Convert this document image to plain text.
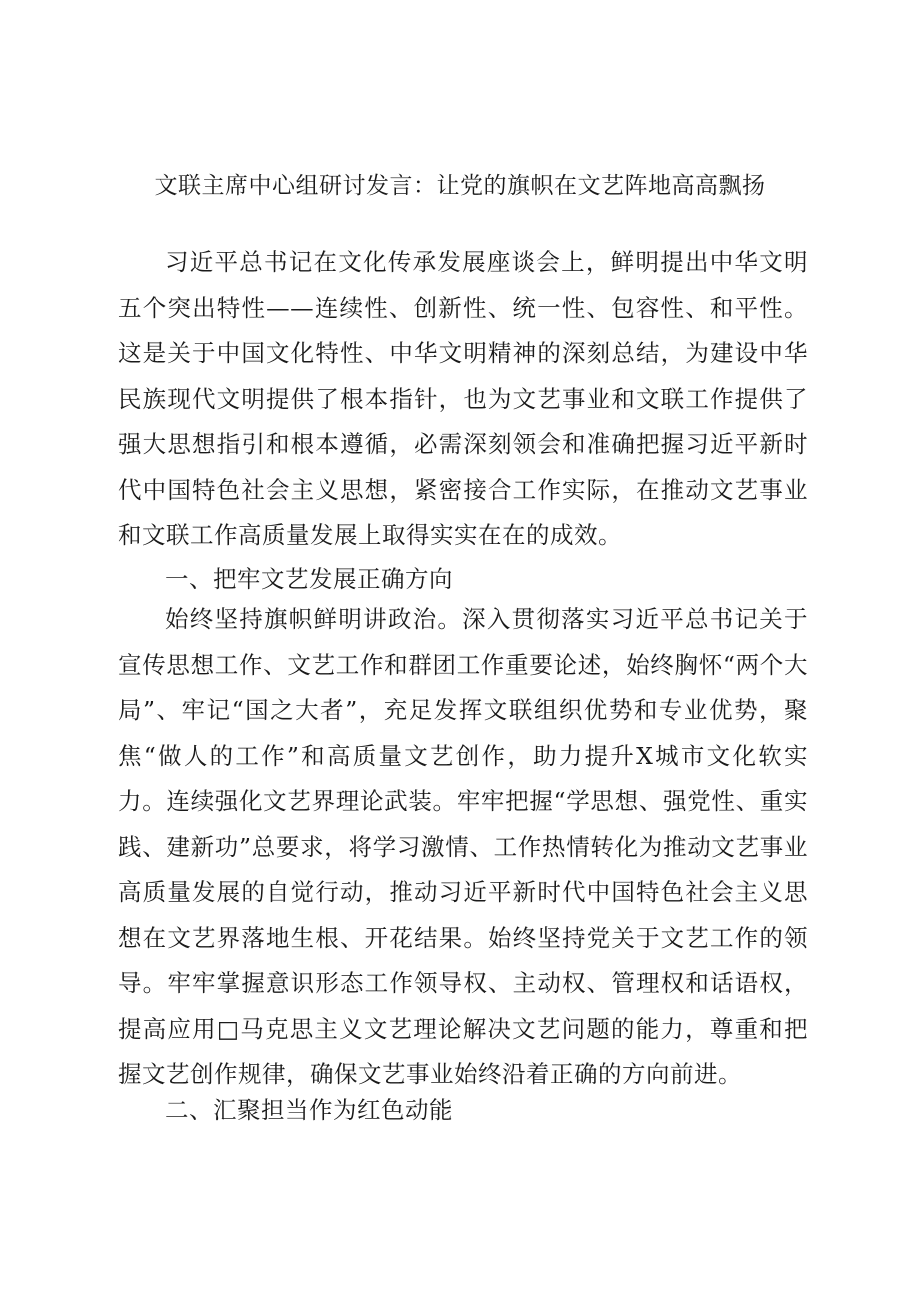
文联主席中心组研讨发言：让党的旗帜在文艺阵地高高飘扬

习近平总书记在文化传承发展座谈会上，鲜明提出中华文明五个突出特性——连续性、创新性、统一性、包容性、和平性。这是关于中国文化特性、中华文明精神的深刻总结，为建设中华民族现代文明提供了根本指针，也为文艺事业和文联工作提供了强大思想指引和根本遵循，必需深刻领会和准确把握习近平新时代中国特色社会主义思想，紧密接合工作实际，在推动文艺事业和文联工作高质量发展上取得实实在在的成效。

一、把牢文艺发展正确方向

始终坚持旗帜鲜明讲政治。深入贯彻落实习近平总书记关于宣传思想工作、文艺工作和群团工作重要论述，始终胸怀“两个大局”、牢记“国之大者”，充足发挥文联组织优势和专业优势，聚焦“做人的工作”和高质量文艺创作，助力提升X城市文化软实力。连续强化文艺界理论武装。牢牢把握“学思想、强党性、重实践、建新功”总要求，将学习激情、工作热情转化为推动文艺事业高质量发展的自觉行动，推动习近平新时代中国特色社会主义思想在文艺界落地生根、开花结果。始终坚持党关于文艺工作的领导。牢牢掌握意识形态工作领导权、主动权、管理权和话语权，提高应用□马克思主义文艺理论解决文艺问题的能力，尊重和把握文艺创作规律，确保文艺事业始终沿着正确的方向前进。

二、汇聚担当作为红色动能
